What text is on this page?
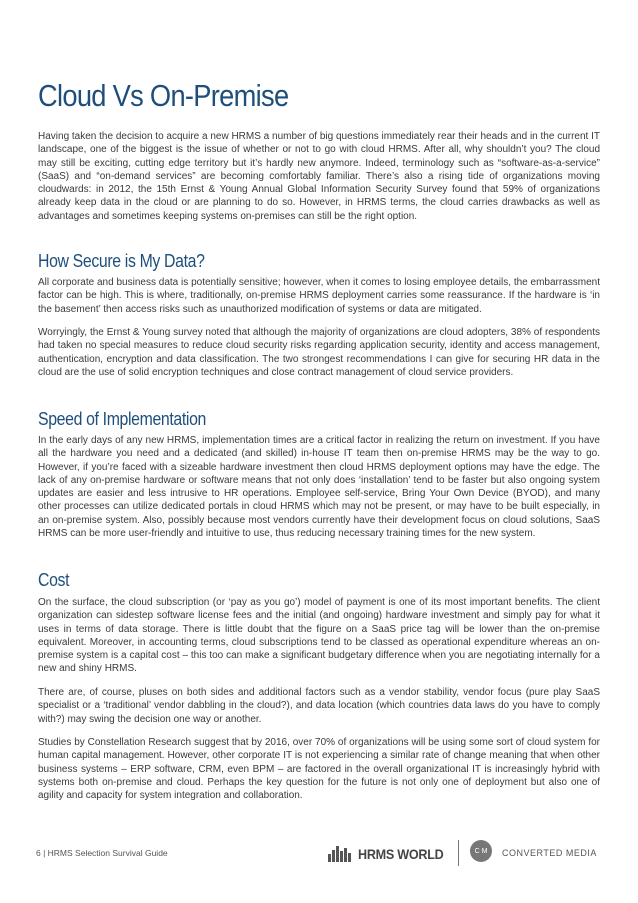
Cloud Vs On-Premise

Having taken the decision to acquire a new HRMS a number of big questions immediately rear their heads and in the current IT landscape, one of the biggest is the issue of whether or not to go with cloud HRMS. After all, why shouldn’t you? The cloud may still be exciting, cutting edge territory but it’s hardly new anymore. Indeed, terminology such as “software-as-a-service” (SaaS) and “on-demand services” are becoming comfortably familiar. There’s also a rising tide of organizations moving cloudwards: in 2012, the 15th Ernst & Young Annual Global Information Security Survey found that 59% of organizations already keep data in the cloud or are planning to do so. However, in HRMS terms, the cloud carries drawbacks as well as advantages and sometimes keeping systems on-premises can still be the right option.

How Secure is My Data?

All corporate and business data is potentially sensitive; however, when it comes to losing employee details, the embarrassment factor can be high. This is where, traditionally, on-premise HRMS deployment carries some reassurance. If the hardware is ‘in the basement’ then access risks such as unauthorized modification of systems or data are mitigated.

Worryingly, the Ernst & Young survey noted that although the majority of organizations are cloud adopters, 38% of respondents had taken no special measures to reduce cloud security risks regarding application security, identity and access management, authentication, encryption and data classification. The two strongest recommendations I can give for securing HR data in the cloud are the use of solid encryption techniques and close contract management of cloud service providers.

Speed of Implementation

In the early days of any new HRMS, implementation times are a critical factor in realizing the return on investment. If you have all the hardware you need and a dedicated (and skilled) in-house IT team then on-premise HRMS may be the way to go. However, if you’re faced with a sizeable hardware investment then cloud HRMS deployment options may have the edge. The lack of any on-premise hardware or software means that not only does ‘installation’ tend to be faster but also ongoing system updates are easier and less intrusive to HR operations. Employee self-service, Bring Your Own Device (BYOD), and many other processes can utilize dedicated portals in cloud HRMS which may not be present, or may have to be built especially, in an on-premise system. Also, possibly because most vendors currently have their development focus on cloud solutions, SaaS HRMS can be more user-friendly and intuitive to use, thus reducing necessary training times for the new system.

Cost

On the surface, the cloud subscription (or ‘pay as you go’) model of payment is one of its most important benefits. The client organization can sidestep software license fees and the initial (and ongoing) hardware investment and simply pay for what it uses in terms of data storage. There is little doubt that the figure on a SaaS price tag will be lower than the on-premise equivalent. Moreover, in accounting terms, cloud subscriptions tend to be classed as operational expenditure whereas an on-premise system is a capital cost – this too can make a significant budgetary difference when you are negotiating internally for a new and shiny HRMS.

There are, of course, pluses on both sides and additional factors such as a vendor stability, vendor focus (pure play SaaS specialist or a ‘traditional’ vendor dabbling in the cloud?), and data location (which countries data laws do you have to comply with?) may swing the decision one way or another.

Studies by Constellation Research suggest that by 2016, over 70% of organizations will be using some sort of cloud system for human capital management. However, other corporate IT is not experiencing a similar rate of change meaning that when other business systems – ERP software, CRM, even BPM – are factored in the overall organizational IT is increasingly hybrid with systems both on-premise and cloud. Perhaps the key question for the future is not only one of deployment but also one of agility and capacity for system integration and collaboration.

6 | HRMS Selection Survival Guide	HRMS WORLD	C M	CONVERTED MEDIA
